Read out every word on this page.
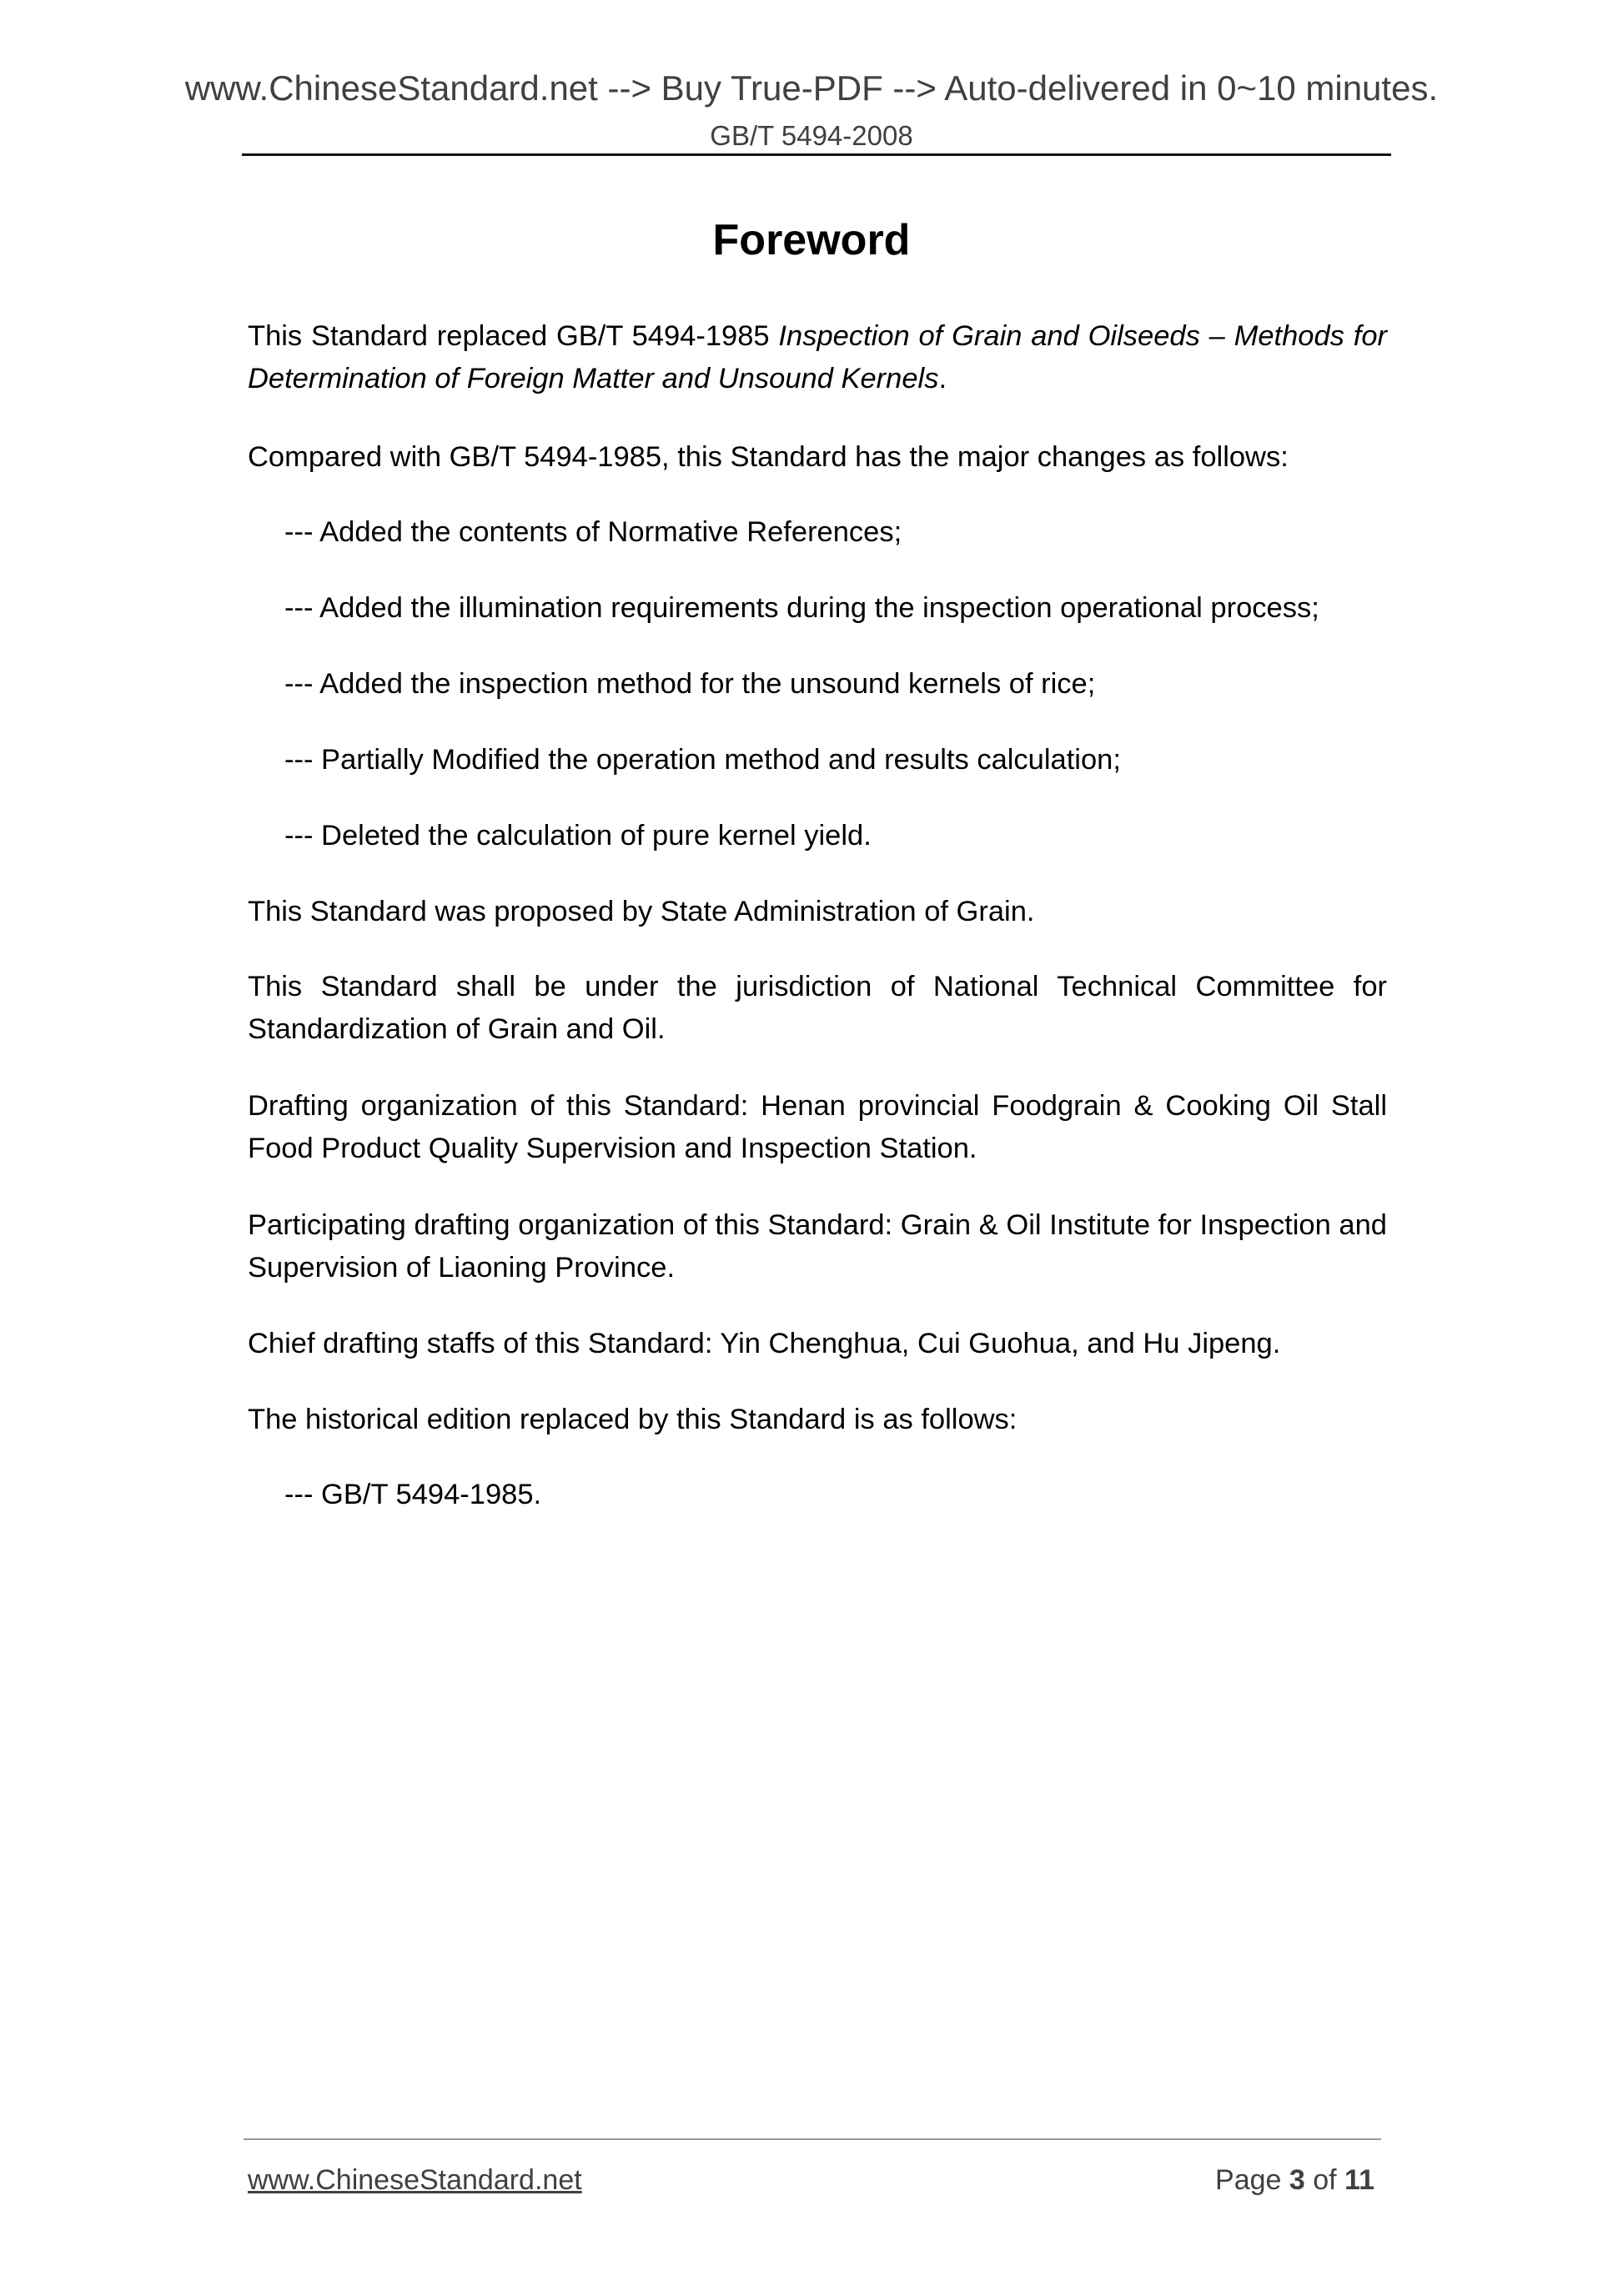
www.ChineseStandard.net --> Buy True-PDF --> Auto-delivered in 0~10 minutes.
GB/T 5494-2008
Foreword

This Standard replaced GB/T 5494-1985 Inspection of Grain and Oilseeds – Methods for Determination of Foreign Matter and Unsound Kernels.

Compared with GB/T 5494-1985, this Standard has the major changes as follows:

--- Added the contents of Normative References;

--- Added the illumination requirements during the inspection operational process;

--- Added the inspection method for the unsound kernels of rice;

--- Partially Modified the operation method and results calculation;

--- Deleted the calculation of pure kernel yield.

This Standard was proposed by State Administration of Grain.

This Standard shall be under the jurisdiction of National Technical Committee for Standardization of Grain and Oil.

Drafting organization of this Standard: Henan provincial Foodgrain & Cooking Oil Stall Food Product Quality Supervision and Inspection Station.

Participating drafting organization of this Standard: Grain & Oil Institute for Inspection and Supervision of Liaoning Province.

Chief drafting staffs of this Standard: Yin Chenghua, Cui Guohua, and Hu Jipeng.

The historical edition replaced by this Standard is as follows:

--- GB/T 5494-1985.

www.ChineseStandard.net	Page 3 of 11
